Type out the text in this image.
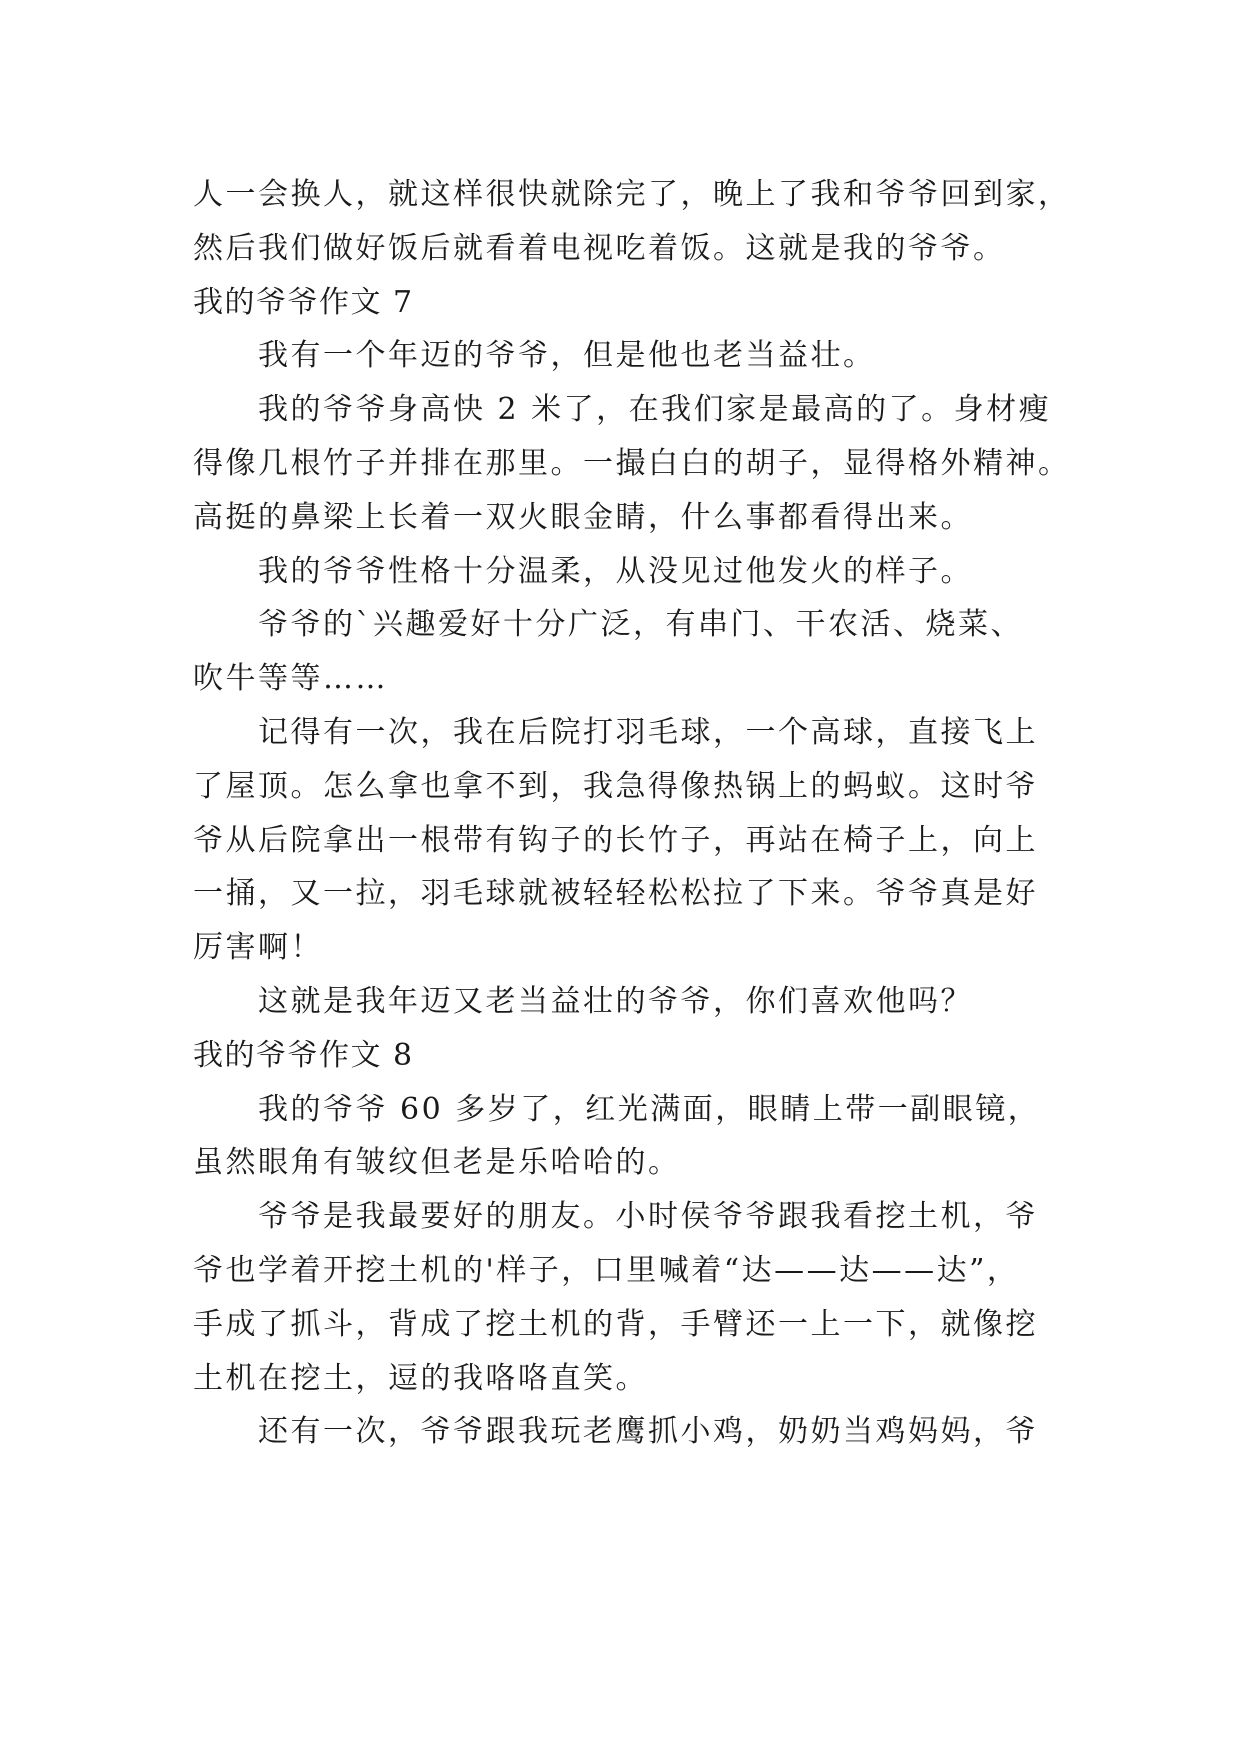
人一会换人，就这样很快就除完了，晚上了我和爷爷回到家，
然后我们做好饭后就看着电视吃着饭。这就是我的爷爷。
我的爷爷作文 7
我有一个年迈的爷爷，但是他也老当益壮。
我的爷爷身高快 2 米了，在我们家是最高的了。身材瘦
得像几根竹子并排在那里。一撮白白的胡子，显得格外精神。
高挺的鼻梁上长着一双火眼金睛，什么事都看得出来。
我的爷爷性格十分温柔，从没见过他发火的样子。
爷爷的`兴趣爱好十分广泛，有串门、干农活、烧菜、
吹牛等等……
记得有一次，我在后院打羽毛球，一个高球，直接飞上
了屋顶。怎么拿也拿不到，我急得像热锅上的蚂蚁。这时爷
爷从后院拿出一根带有钩子的长竹子，再站在椅子上，向上
一捅，又一拉，羽毛球就被轻轻松松拉了下来。爷爷真是好
厉害啊！
这就是我年迈又老当益壮的爷爷，你们喜欢他吗？
我的爷爷作文 8
我的爷爷 60 多岁了，红光满面，眼睛上带一副眼镜，
虽然眼角有皱纹但老是乐哈哈的。
爷爷是我最要好的朋友。小时侯爷爷跟我看挖土机，爷
爷也学着开挖土机的'样子，口里喊着“达——达——达”，
手成了抓斗，背成了挖土机的背，手臂还一上一下，就像挖
土机在挖土，逗的我咯咯直笑。
还有一次，爷爷跟我玩老鹰抓小鸡，奶奶当鸡妈妈，爷
